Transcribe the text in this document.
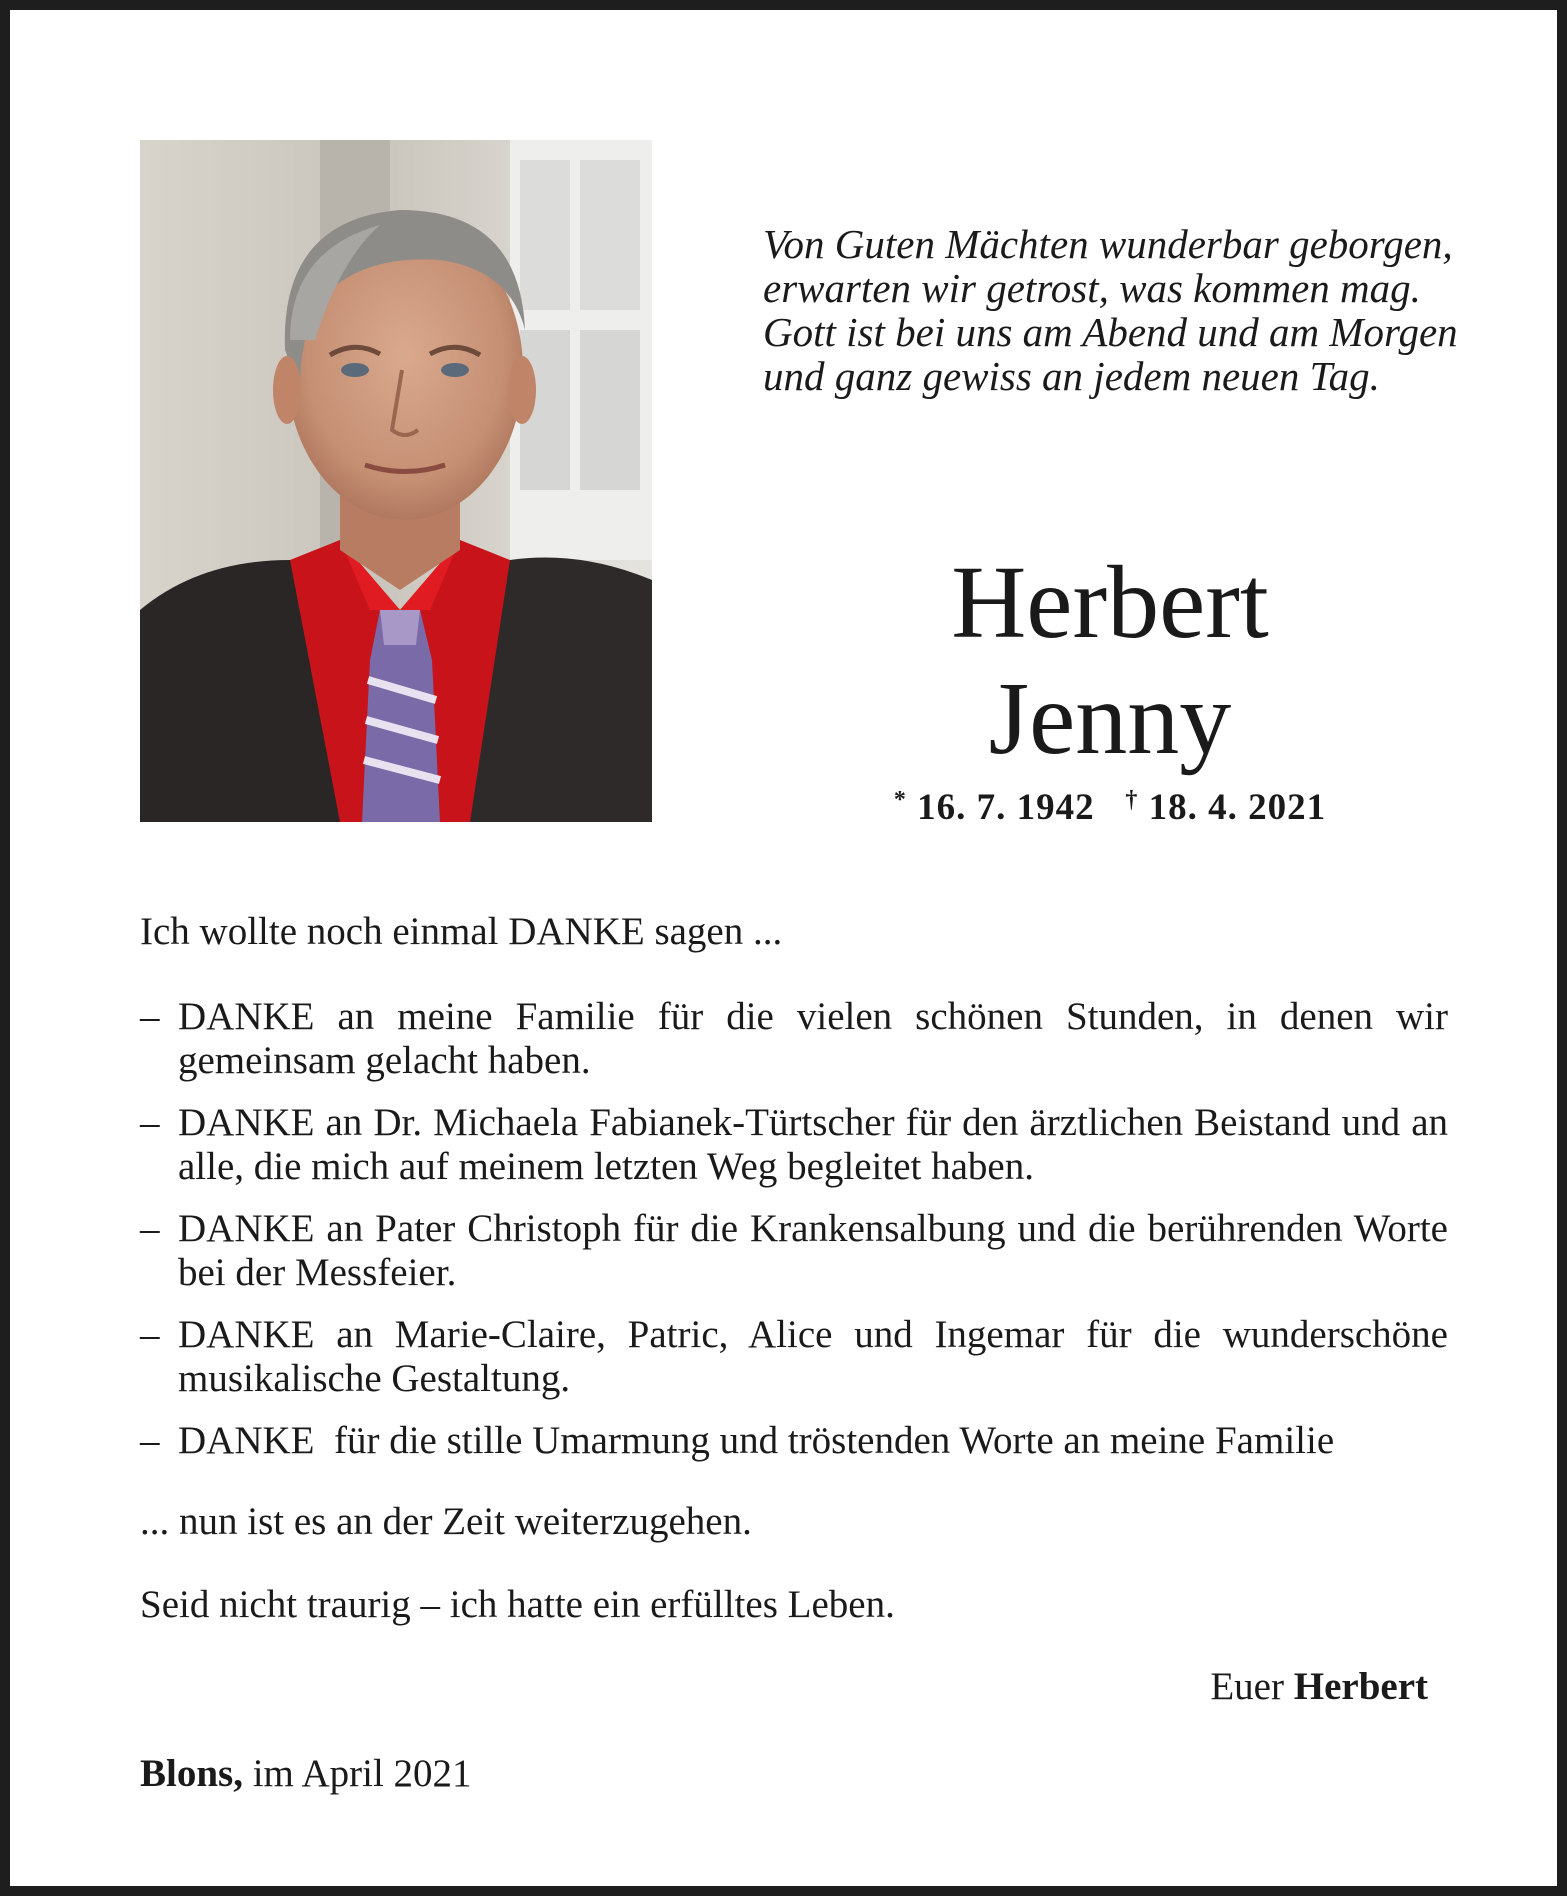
Von Guten Mächten wunderbar geborgen,
erwarten wir getrost, was kommen mag.
Gott ist bei uns am Abend und am Morgen
und ganz gewiss an jedem neuen Tag.
Herbert
Jenny
* 16. 7. 1942 † 18. 4. 2021
Ich wollte noch einmal DANKE sagen ...
– DANKE an meine Familie für die vielen schönen Stunden, in denen wir gemeinsam gelacht haben.
– DANKE an Dr. Michaela Fabianek-Türtscher für den ärztlichen Beistand und an alle, die mich auf meinem letzten Weg begleitet haben.
– DANKE an Pater Christoph für die Krankensalbung und die berührenden Worte bei der Messfeier.
– DANKE an Marie-Claire, Patric, Alice und Ingemar für die wunderschöne musikalische Gestaltung.
– DANKE  für die stille Umarmung und tröstenden Worte an meine Familie
... nun ist es an der Zeit weiterzugehen.
Seid nicht traurig – ich hatte ein erfülltes Leben.
Euer Herbert
Blons, im April 2021
